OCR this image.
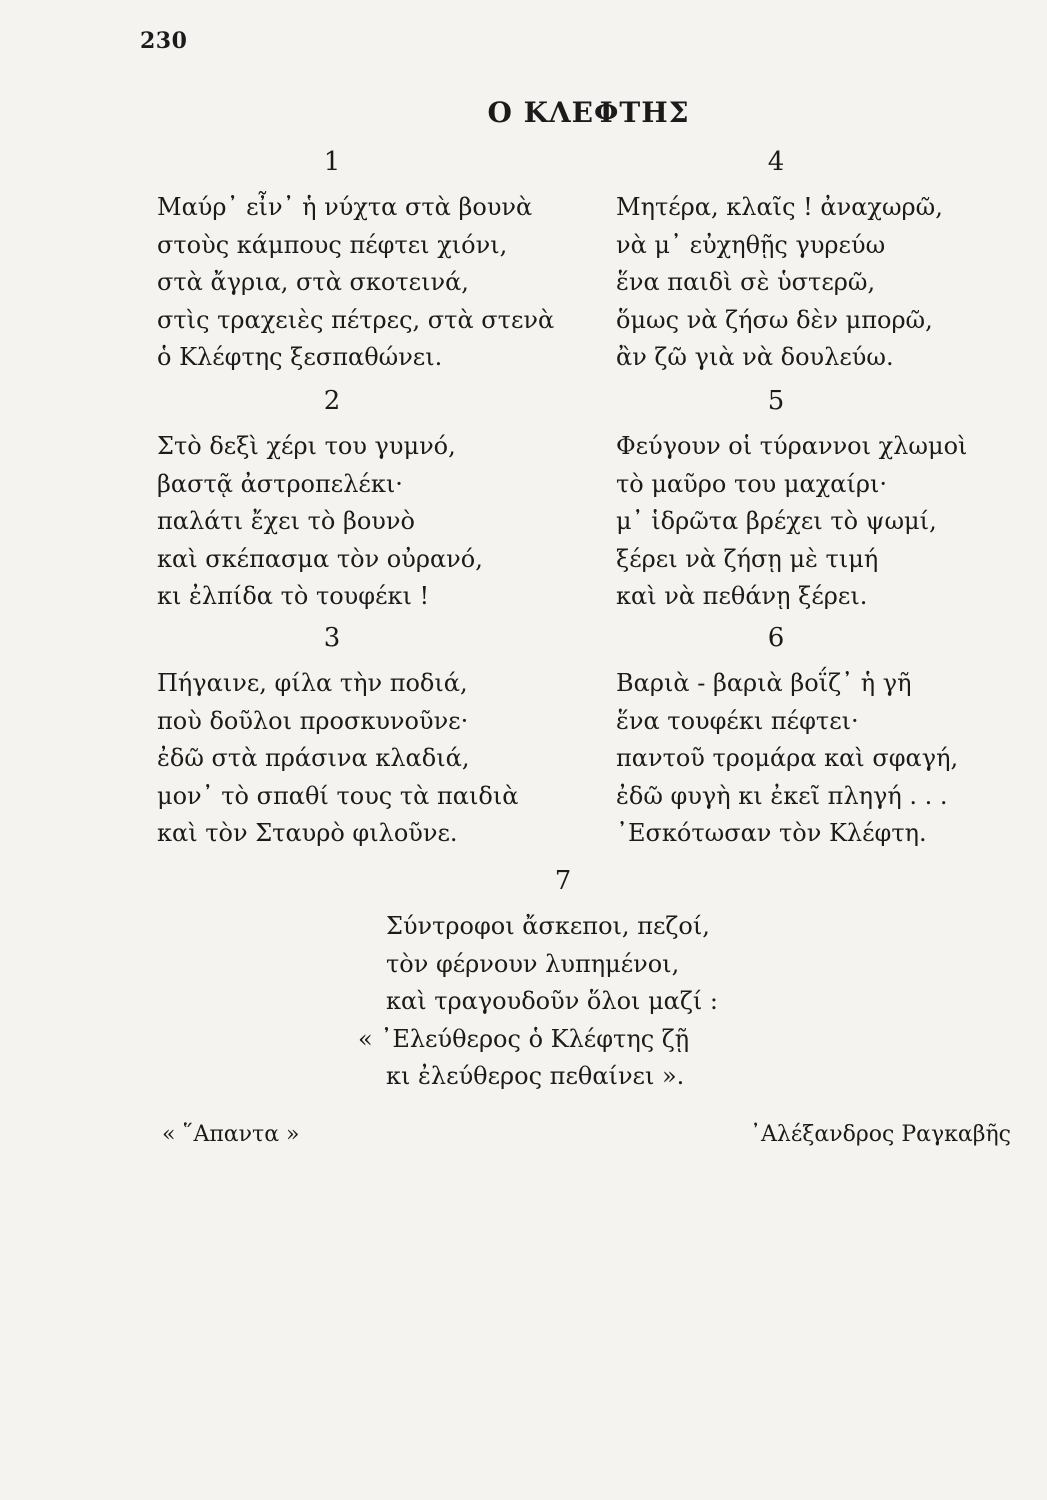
230
Ο ΚΛΕΦΤΗΣ
1
Μαύρ᾽ εἶν᾽ ἡ νύχτα στὰ βουνὰ
στοὺς κάμπους πέφτει χιόνι,
στὰ ἄγρια, στὰ σκοτεινά,
στὶς τραχειὲς πέτρες, στὰ στενὰ
ὁ Κλέφτης ξεσπαθώνει.
2
Στὸ δεξὶ χέρι του γυμνό,
βαστᾷ ἀστροπελέκι·
παλάτι ἔχει τὸ βουνὸ
καὶ σκέπασμα τὸν οὐρανό,
κι ἐλπίδα τὸ τουφέκι !
3
Πήγαινε, φίλα τὴν ποδιά,
ποὺ δοῦλοι προσκυνοῦνε·
ἐδῶ στὰ πράσινα κλαδιά,
μον᾽ τὸ σπαθί τους τὰ παιδιὰ
καὶ τὸν Σταυρὸ φιλοῦνε.
4
Μητέρα, κλαῖς ! ἀναχωρῶ,
νὰ μ᾽ εὐχηθῇς γυρεύω
ἕνα παιδὶ σὲ ὑστερῶ,
ὅμως νὰ ζήσω δὲν μπορῶ,
ἂν ζῶ γιὰ νὰ δουλεύω.
5
Φεύγουν οἱ τύραννοι χλωμοὶ
τὸ μαῦρο του μαχαίρι·
μ᾽ ἱδρῶτα βρέχει τὸ ψωμί,
ξέρει νὰ ζήσῃ μὲ τιμή
καὶ νὰ πεθάνῃ ξέρει.
6
Βαριὰ - βαριὰ βοΐζ᾽ ἡ γῆ
ἕνα τουφέκι πέφτει·
παντοῦ τρομάρα καὶ σφαγή,
ἐδῶ φυγὴ κι ἐκεῖ πληγή . . .
᾽Εσκότωσαν τὸν Κλέφτη.
7
Σύντροφοι ἄσκεποι, πεζοί,
τὸν φέρνουν λυπημένοι,
καὶ τραγουδοῦν ὅλοι μαζί :
« ᾽Ελεύθερος ὁ Κλέφτης ζῇ
κι ἐλεύθερος πεθαίνει ».
« ῞Απαντα »	᾽Αλέξανδρος Ραγκαβῆς
